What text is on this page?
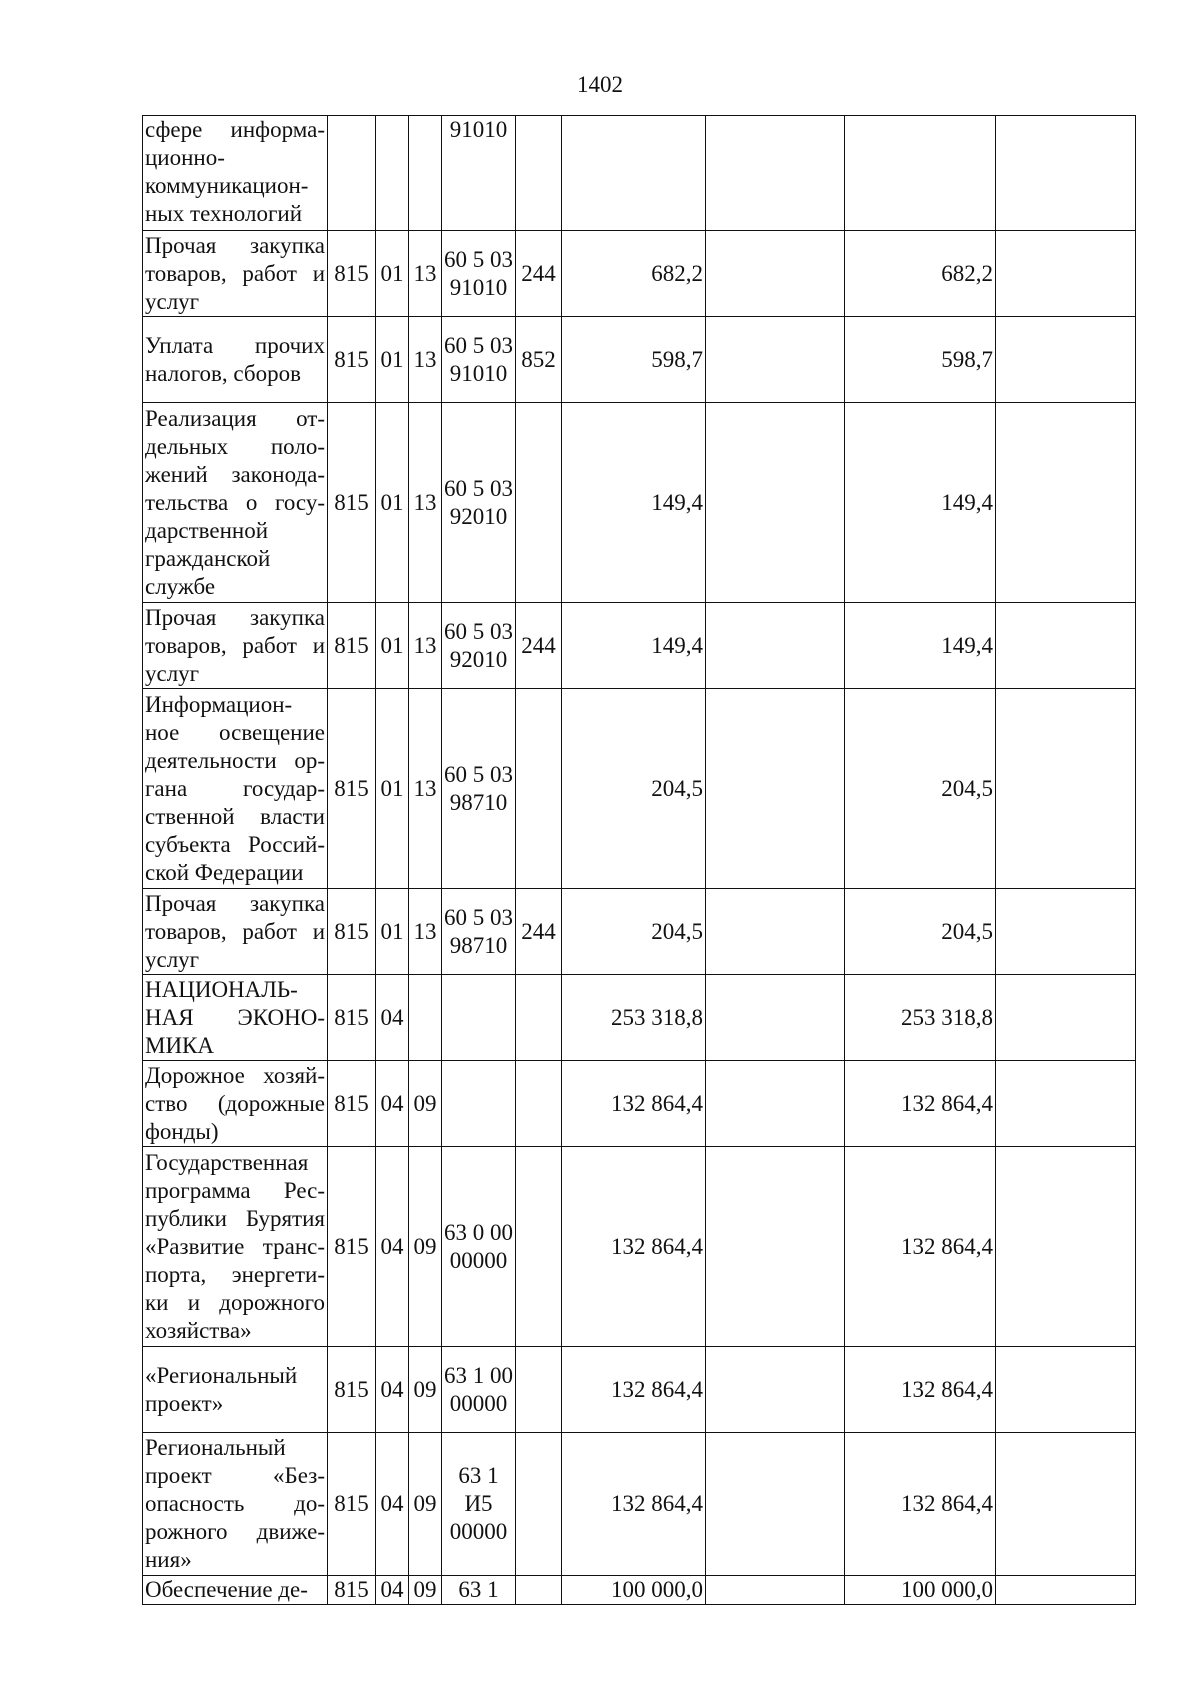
1402
сфере информа-ционно-коммуникацион-ных технологий				91010					
Прочая закупка товаров, работ и услуг	815	01	13	60 5 03 91010	244	682,2		682,2	
Уплата прочих налогов, сборов	815	01	13	60 5 03 91010	852	598,7		598,7	
Реализация от-дельных поло-жений законода-тельства о госу-дарственной гражданской службе	815	01	13	60 5 03 92010		149,4		149,4	
Прочая закупка товаров, работ и услуг	815	01	13	60 5 03 92010	244	149,4		149,4	
Информацион-ное освещение деятельности ор-гана государ-ственной власти субъекта Россий-ской Федерации	815	01	13	60 5 03 98710		204,5		204,5	
Прочая закупка товаров, работ и услуг	815	01	13	60 5 03 98710	244	204,5		204,5	
НАЦИОНАЛЬ-НАЯ ЭКОНО-МИКА	815	04				253 318,8		253 318,8	
Дорожное хозяй-ство (дорожные фонды)	815	04	09			132 864,4		132 864,4	
Государственная программа Рес-публики Бурятия «Развитие транс-порта, энергети-ки и дорожного хозяйства»	815	04	09	63 0 00 00000		132 864,4		132 864,4	
«Региональный проект»	815	04	09	63 1 00 00000		132 864,4		132 864,4	
Региональный проект «Без-опасность до-рожного движе-ния»	815	04	09	63 1 И5 00000		132 864,4		132 864,4	
Обеспечение де-	815	04	09	63 1		100 000,0		100 000,0	
